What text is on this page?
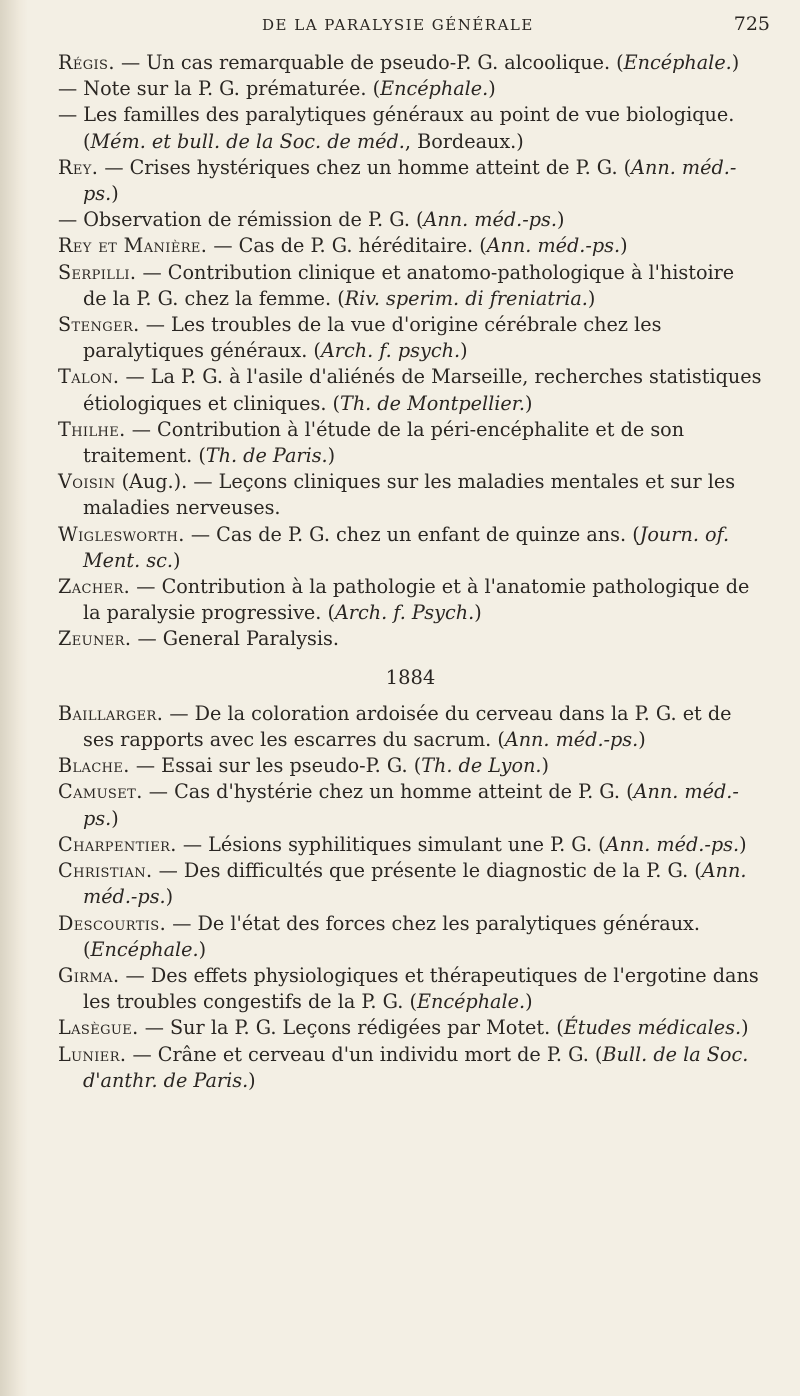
DE LA PARALYSIE GÉNÉRALE	725

Régis. — Un cas remarquable de pseudo-P. G. alcoolique. (Encéphale.)

— Note sur la P. G. prématurée. (Encéphale.)

— Les familles des paralytiques généraux au point de vue biologique. (Mém. et bull. de la Soc. de méd., Bordeaux.)

Rey. — Crises hystériques chez un homme atteint de P. G. (Ann. méd.-ps.)

— Observation de rémission de P. G. (Ann. méd.-ps.)

Rey et Manière. — Cas de P. G. héréditaire. (Ann. méd.-ps.)

Serpilli. — Contribution clinique et anatomo-pathologique à l'histoire de la P. G. chez la femme. (Riv. sperim. di freniatria.)

Stenger. — Les troubles de la vue d'origine cérébrale chez les paralytiques généraux. (Arch. f. psych.)

Talon. — La P. G. à l'asile d'aliénés de Marseille, recherches statistiques étiologiques et cliniques. (Th. de Montpellier.)

Thilhe. — Contribution à l'étude de la péri-encéphalite et de son traitement. (Th. de Paris.)

Voisin (Aug.). — Leçons cliniques sur les maladies mentales et sur les maladies nerveuses.

Wiglesworth. — Cas de P. G. chez un enfant de quinze ans. (Journ. of. Ment. sc.)

Zacher. — Contribution à la pathologie et à l'anatomie pathologique de la paralysie progressive. (Arch. f. Psych.)

Zeuner. — General Paralysis.

1884

Baillarger. — De la coloration ardoisée du cerveau dans la P. G. et de ses rapports avec les escarres du sacrum. (Ann. méd.-ps.)

Blache. — Essai sur les pseudo-P. G. (Th. de Lyon.)

Camuset. — Cas d'hystérie chez un homme atteint de P. G. (Ann. méd.-ps.)

Charpentier. — Lésions syphilitiques simulant une P. G. (Ann. méd.-ps.)

Christian. — Des difficultés que présente le diagnostic de la P. G. (Ann. méd.-ps.)

Descourtis. — De l'état des forces chez les paralytiques généraux. (Encéphale.)

Girma. — Des effets physiologiques et thérapeutiques de l'ergotine dans les troubles congestifs de la P. G. (Encéphale.)

Lasègue. — Sur la P. G. Leçons rédigées par Motet. (Études médicales.)

Lunier. — Crâne et cerveau d'un individu mort de P. G. (Bull. de la Soc. d'anthr. de Paris.)
